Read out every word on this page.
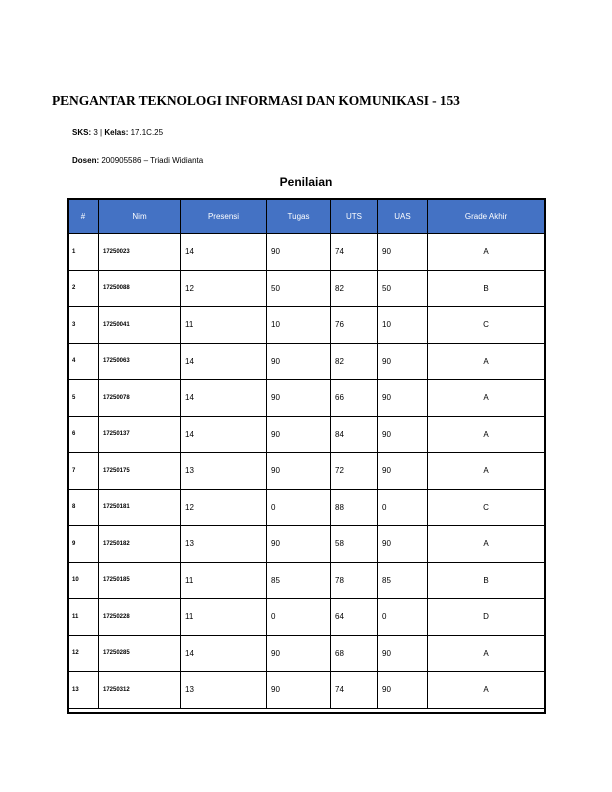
PENGANTAR TEKNOLOGI INFORMASI DAN KOMUNIKASI - 153
SKS: 3 | Kelas: 17.1C.25
Dosen: 200905586 – Triadi Widianta
Penilaian
#	Nim	Presensi	Tugas	UTS	UAS	Grade Akhir
1	17250023	14	90	74	90	A
2	17250088	12	50	82	50	B
3	17250041	11	10	76	10	C
4	17250063	14	90	82	90	A
5	17250078	14	90	66	90	A
6	17250137	14	90	84	90	A
7	17250175	13	90	72	90	A
8	17250181	12	0	88	0	C
9	17250182	13	90	58	90	A
10	17250185	11	85	78	85	B
11	17250228	11	0	64	0	D
12	17250285	14	90	68	90	A
13	17250312	13	90	74	90	A
